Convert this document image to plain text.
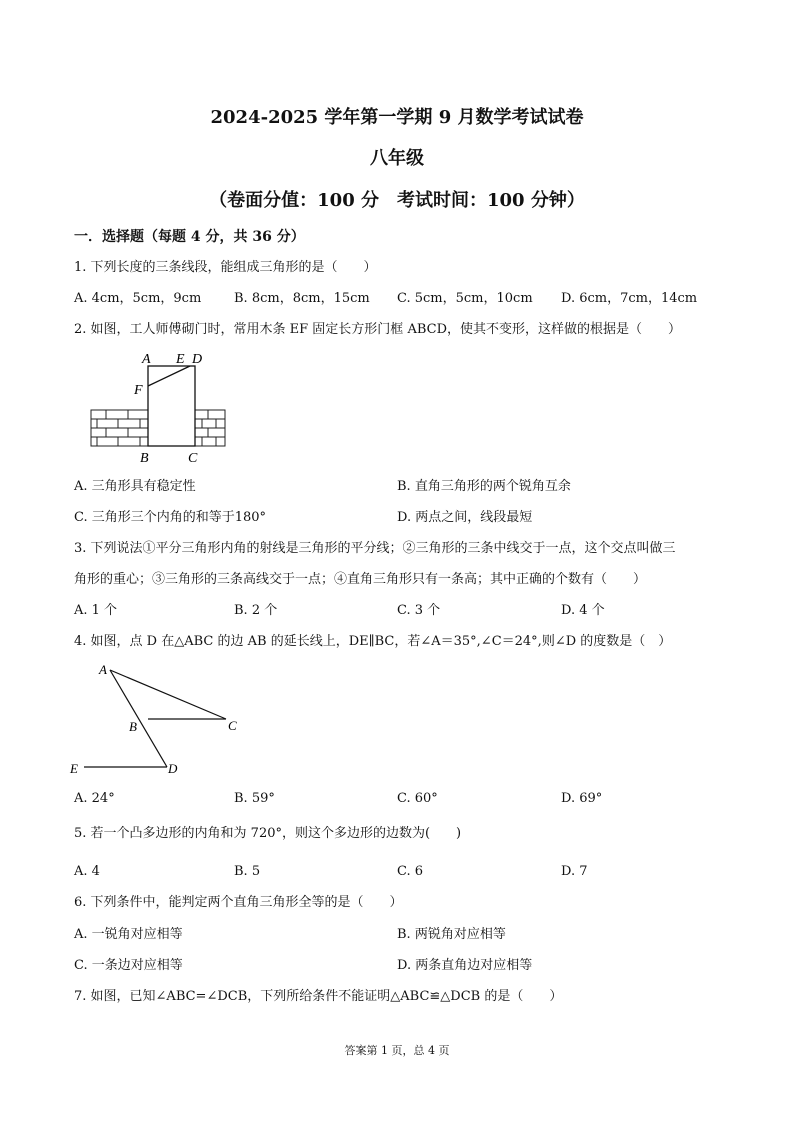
2024-2025 学年第一学期 9 月数学考试试卷
八年级
（卷面分值：100 分　考试时间：100 分钟）
一．选择题（每题 4 分，共 36 分）
1. 下列长度的三条线段，能组成三角形的是（　　）
A. 4cm，5cm，9cm	B. 8cm，8cm，15cm C. 5cm，5cm，10cm D. 6cm，7cm，14cm
2. 如图，工人师傅砌门时，常用木条 EF 固定长方形门框 ABCD，使其不变形，这样做的根据是（　　）
A E D
F
B	C
A. 三角形具有稳定性	B. 直角三角形的两个锐角互余
C. 三角形三个内角的和等于180°	D. 两点之间，线段最短
3. 下列说法①平分三角形内角的射线是三角形的平分线；②三角形的三条中线交于一点，这个交点叫做三
角形的重心；③三角形的三条高线交于一点；④直角三角形只有一条高；其中正确的个数有（　　）
A. 1 个	B. 2 个	C. 3 个	D. 4 个
4. 如图，点 D 在△ABC 的边 AB 的延长线上，DE∥BC，若∠A＝35°,∠C＝24°,则∠D 的度数是（　）
A
B	C
D
E
A. 24°	B. 59°	C. 60°	D. 69°
5. 若一个凸多边形的内角和为 720°，则这个多边形的边数为(　　)
A. 4	B. 5	C. 6	D. 7
6. 下列条件中，能判定两个直角三角形全等的是（　　）
A. 一锐角对应相等	B. 两锐角对应相等
C. 一条边对应相等	D. 两条直角边对应相等
7. 如图，已知∠ABC=∠DCB，下列所给条件不能证明△ABC≌△DCB 的是（　　）
答案第 1 页，总 4 页
